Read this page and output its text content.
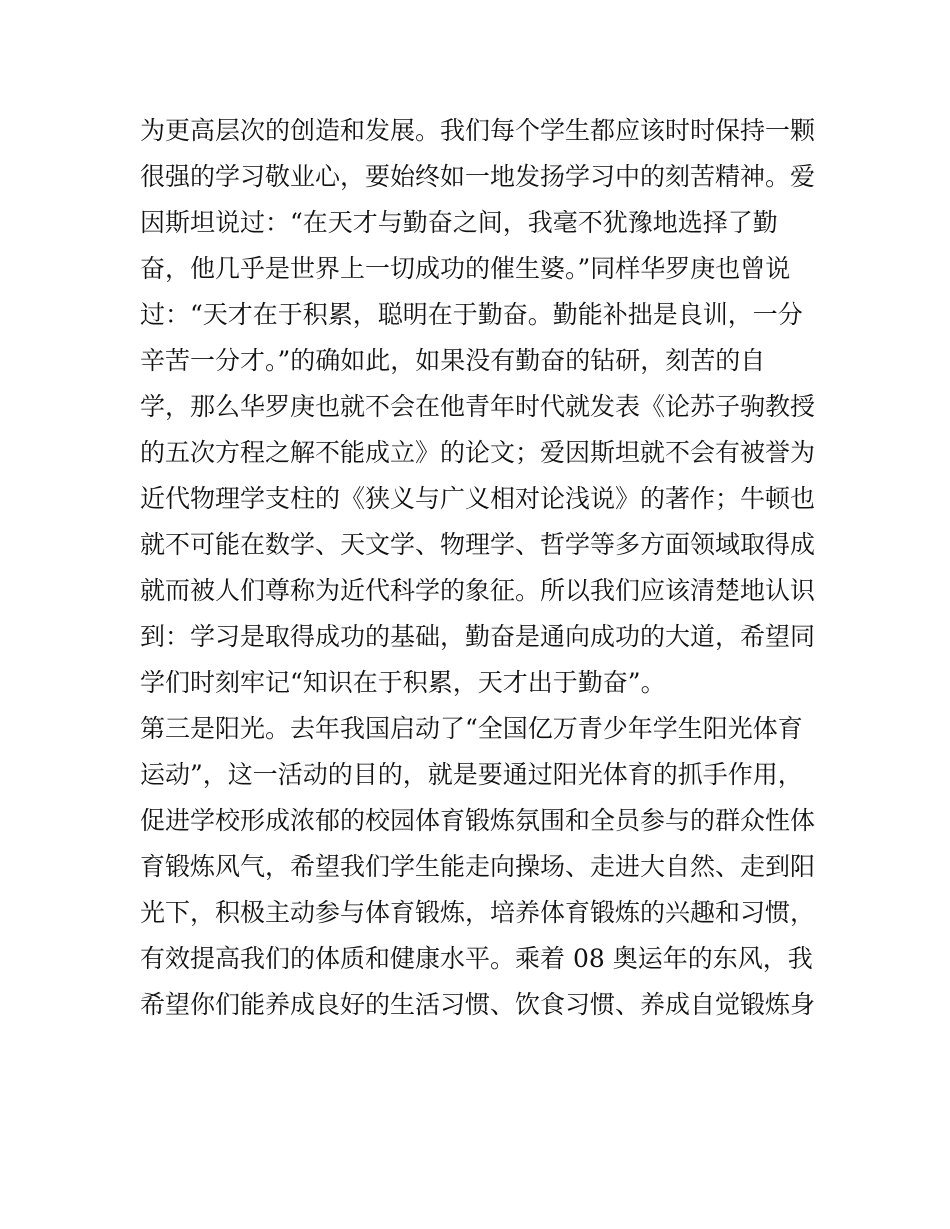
为更高层次的创造和发展。我们每个学生都应该时时保持一颗
很强的学习敬业心，要始终如一地发扬学习中的刻苦精神。爱
因斯坦说过：“在天才与勤奋之间，我毫不犹豫地选择了勤
奋，他几乎是世界上一切成功的催生婆。”同样华罗庚也曾说
过：“天才在于积累，聪明在于勤奋。勤能补拙是良训，一分
辛苦一分才。”的确如此，如果没有勤奋的钻研，刻苦的自
学，那么华罗庚也就不会在他青年时代就发表《论苏子驹教授
的五次方程之解不能成立》的论文；爱因斯坦就不会有被誉为
近代物理学支柱的《狭义与广义相对论浅说》的著作；牛顿也
就不可能在数学、天文学、物理学、哲学等多方面领域取得成
就而被人们尊称为近代科学的象征。所以我们应该清楚地认识
到：学习是取得成功的基础，勤奋是通向成功的大道，希望同
学们时刻牢记“知识在于积累，天才出于勤奋”。
第三是阳光。去年我国启动了“全国亿万青少年学生阳光体育
运动”，这一活动的目的，就是要通过阳光体育的抓手作用，
促进学校形成浓郁的校园体育锻炼氛围和全员参与的群众性体
育锻炼风气，希望我们学生能走向操场、走进大自然、走到阳
光下，积极主动参与体育锻炼，培养体育锻炼的兴趣和习惯，
有效提高我们的体质和健康水平。乘着 08 奥运年的东风，我
希望你们能养成良好的生活习惯、饮食习惯、养成自觉锻炼身
